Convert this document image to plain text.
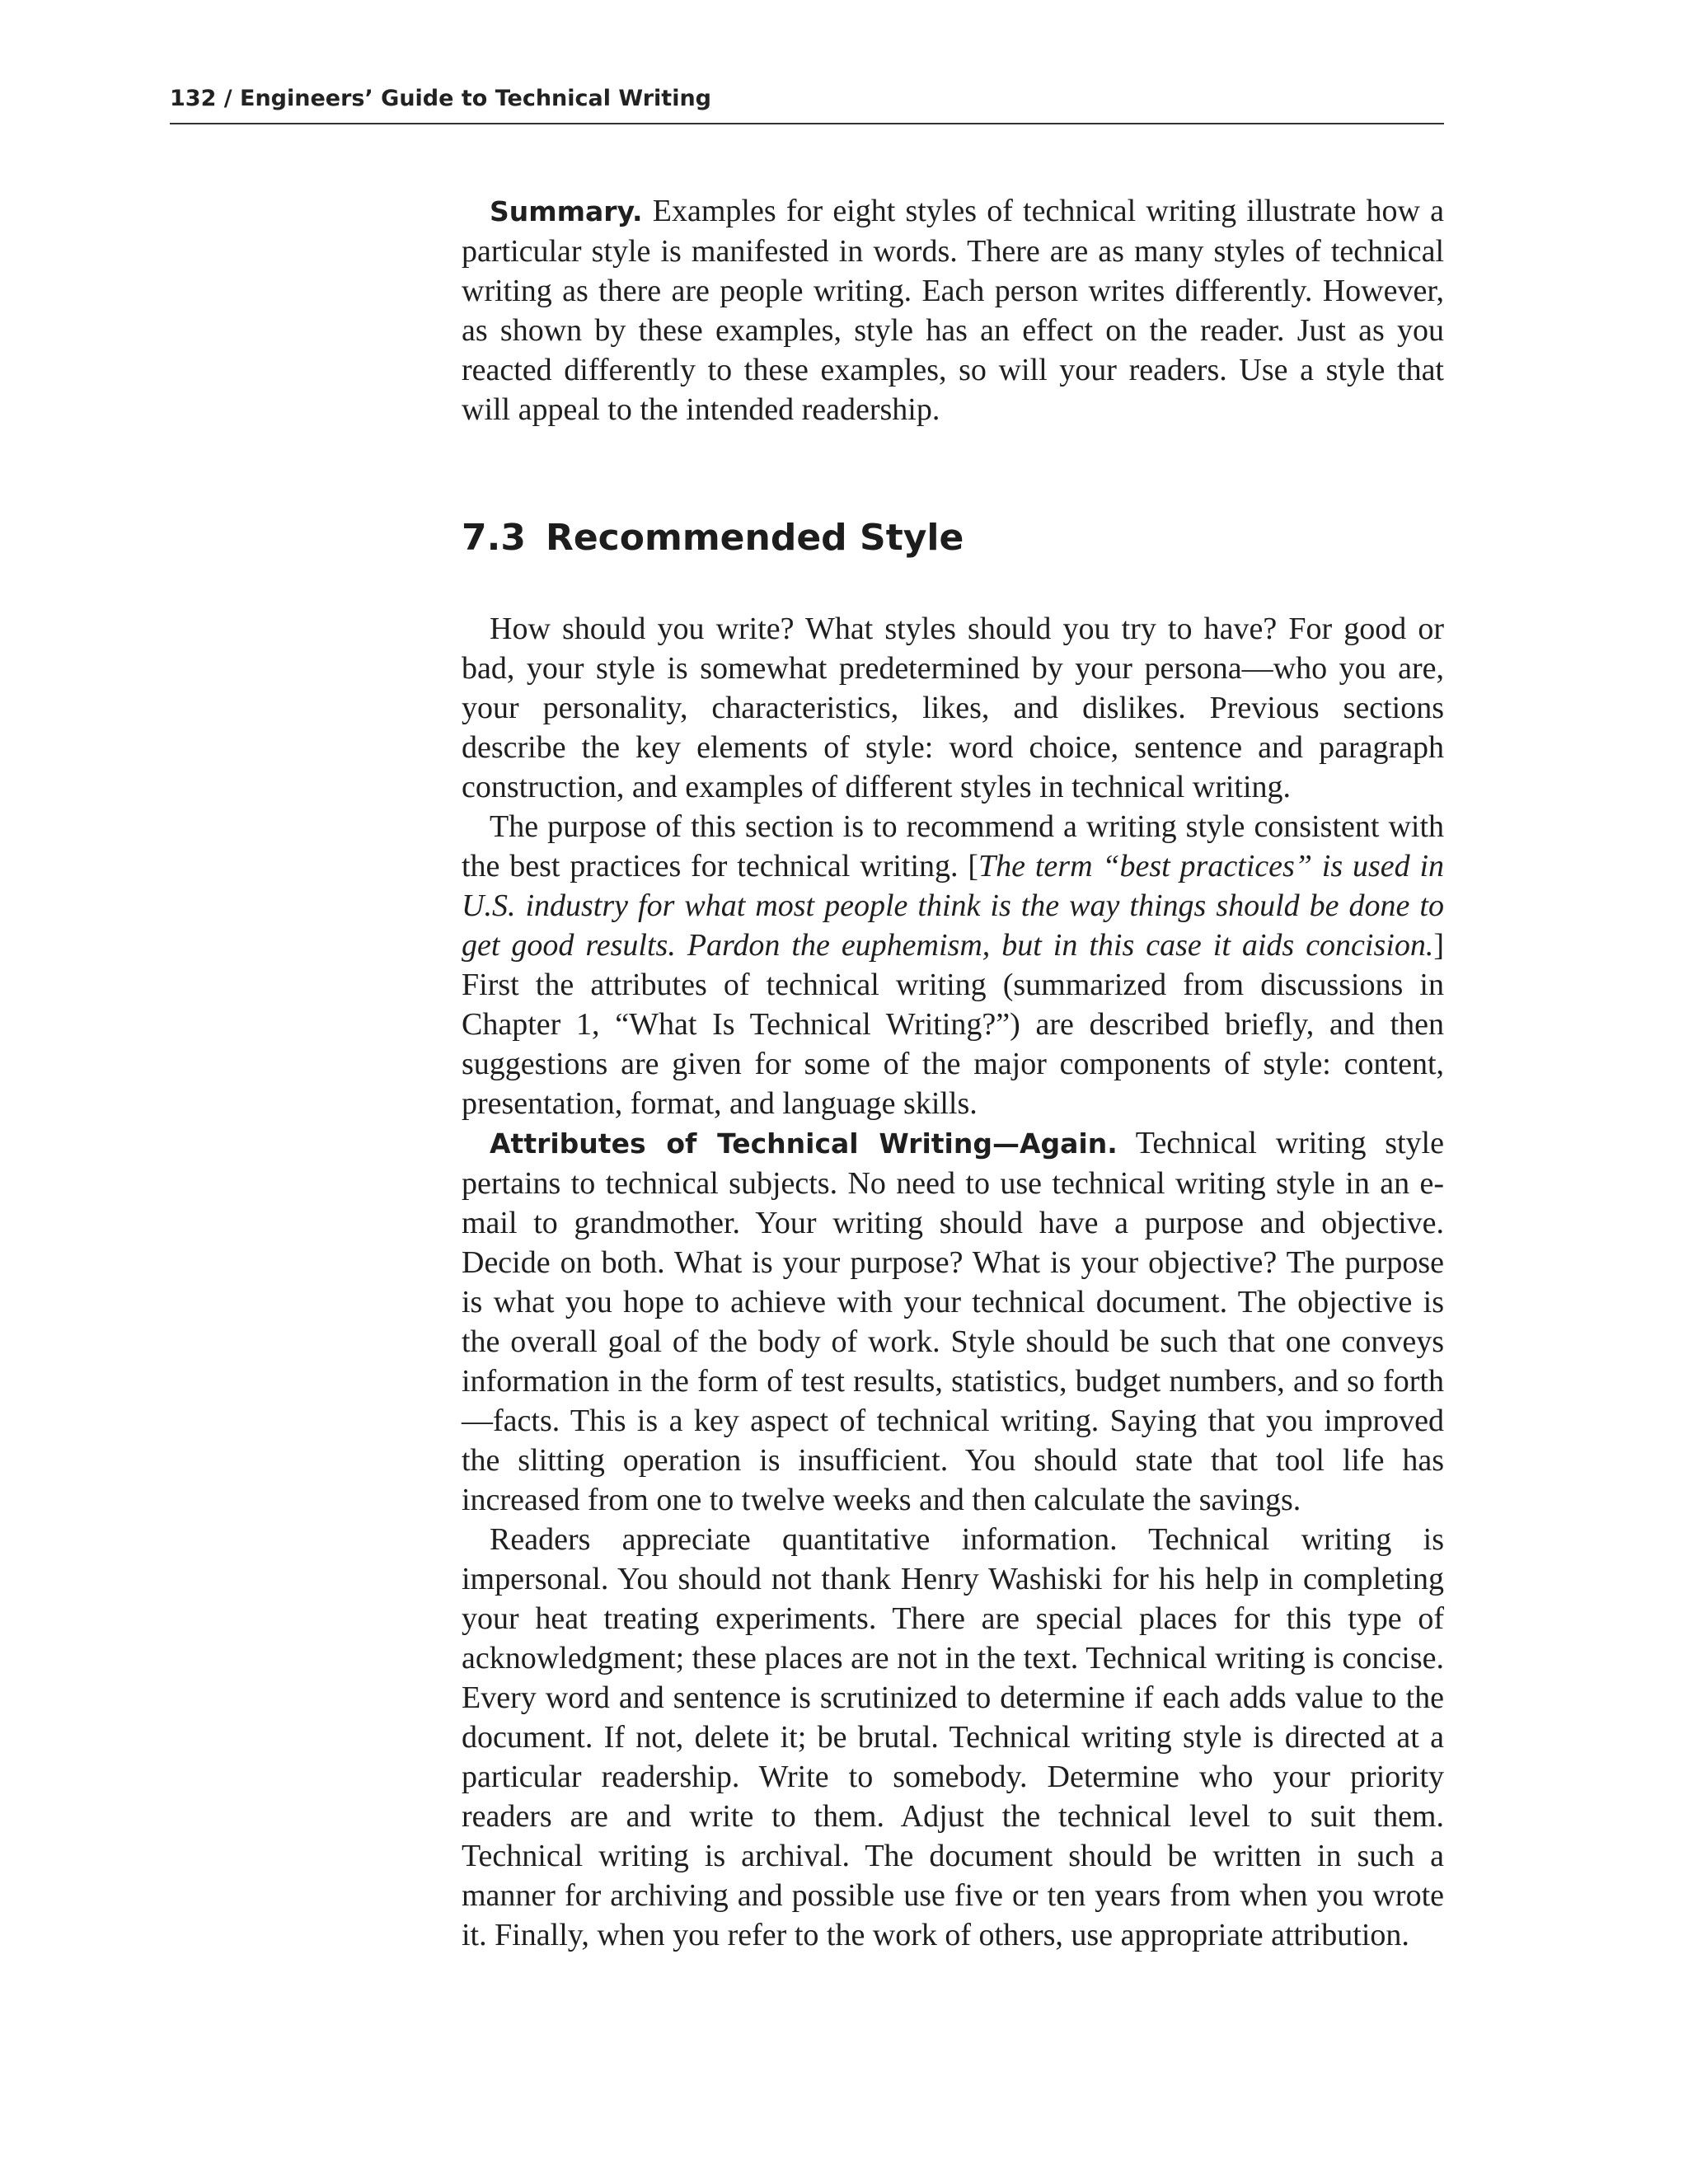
132 / Engineers’ Guide to Technical Writing

Summary. Examples for eight styles of technical writing illustrate how a particular style is manifested in words. There are as many styles of technical writing as there are people writing. Each person writes differently. However, as shown by these examples, style has an effect on the reader. Just as you reacted differently to these examples, so will your readers. Use a style that will appeal to the intended readership.

7.3 Recommended Style

How should you write? What styles should you try to have? For good or bad, your style is somewhat predetermined by your persona—who you are, your personality, characteristics, likes, and dislikes. Previous sections describe the key elements of style: word choice, sentence and paragraph construction, and examples of different styles in technical writing.

The purpose of this section is to recommend a writing style consistent with the best practices for technical writing. [The term “best practices” is used in U.S. industry for what most people think is the way things should be done to get good results. Pardon the euphemism, but in this case it aids concision.] First the attributes of technical writing (summarized from discussions in Chapter 1, “What Is Technical Writing?”) are described briefly, and then suggestions are given for some of the major components of style: content, presentation, format, and language skills.

Attributes of Technical Writing—Again. Technical writing style pertains to technical subjects. No need to use technical writing style in an e-mail to grandmother. Your writing should have a purpose and objective. Decide on both. What is your purpose? What is your objective? The purpose is what you hope to achieve with your technical document. The objective is the overall goal of the body of work. Style should be such that one conveys information in the form of test results, statistics, budget numbers, and so forth—facts. This is a key aspect of technical writing. Saying that you improved the slitting operation is insufficient. You should state that tool life has increased from one to twelve weeks and then calculate the savings.

Readers appreciate quantitative information. Technical writing is impersonal. You should not thank Henry Washiski for his help in completing your heat treating experiments. There are special places for this type of acknowledgment; these places are not in the text. Technical writing is concise. Every word and sentence is scrutinized to determine if each adds value to the document. If not, delete it; be brutal. Technical writing style is directed at a particular readership. Write to somebody. Determine who your priority readers are and write to them. Adjust the technical level to suit them. Technical writing is archival. The document should be written in such a manner for archiving and possible use five or ten years from when you wrote it. Finally, when you refer to the work of others, use appropriate attribution.
